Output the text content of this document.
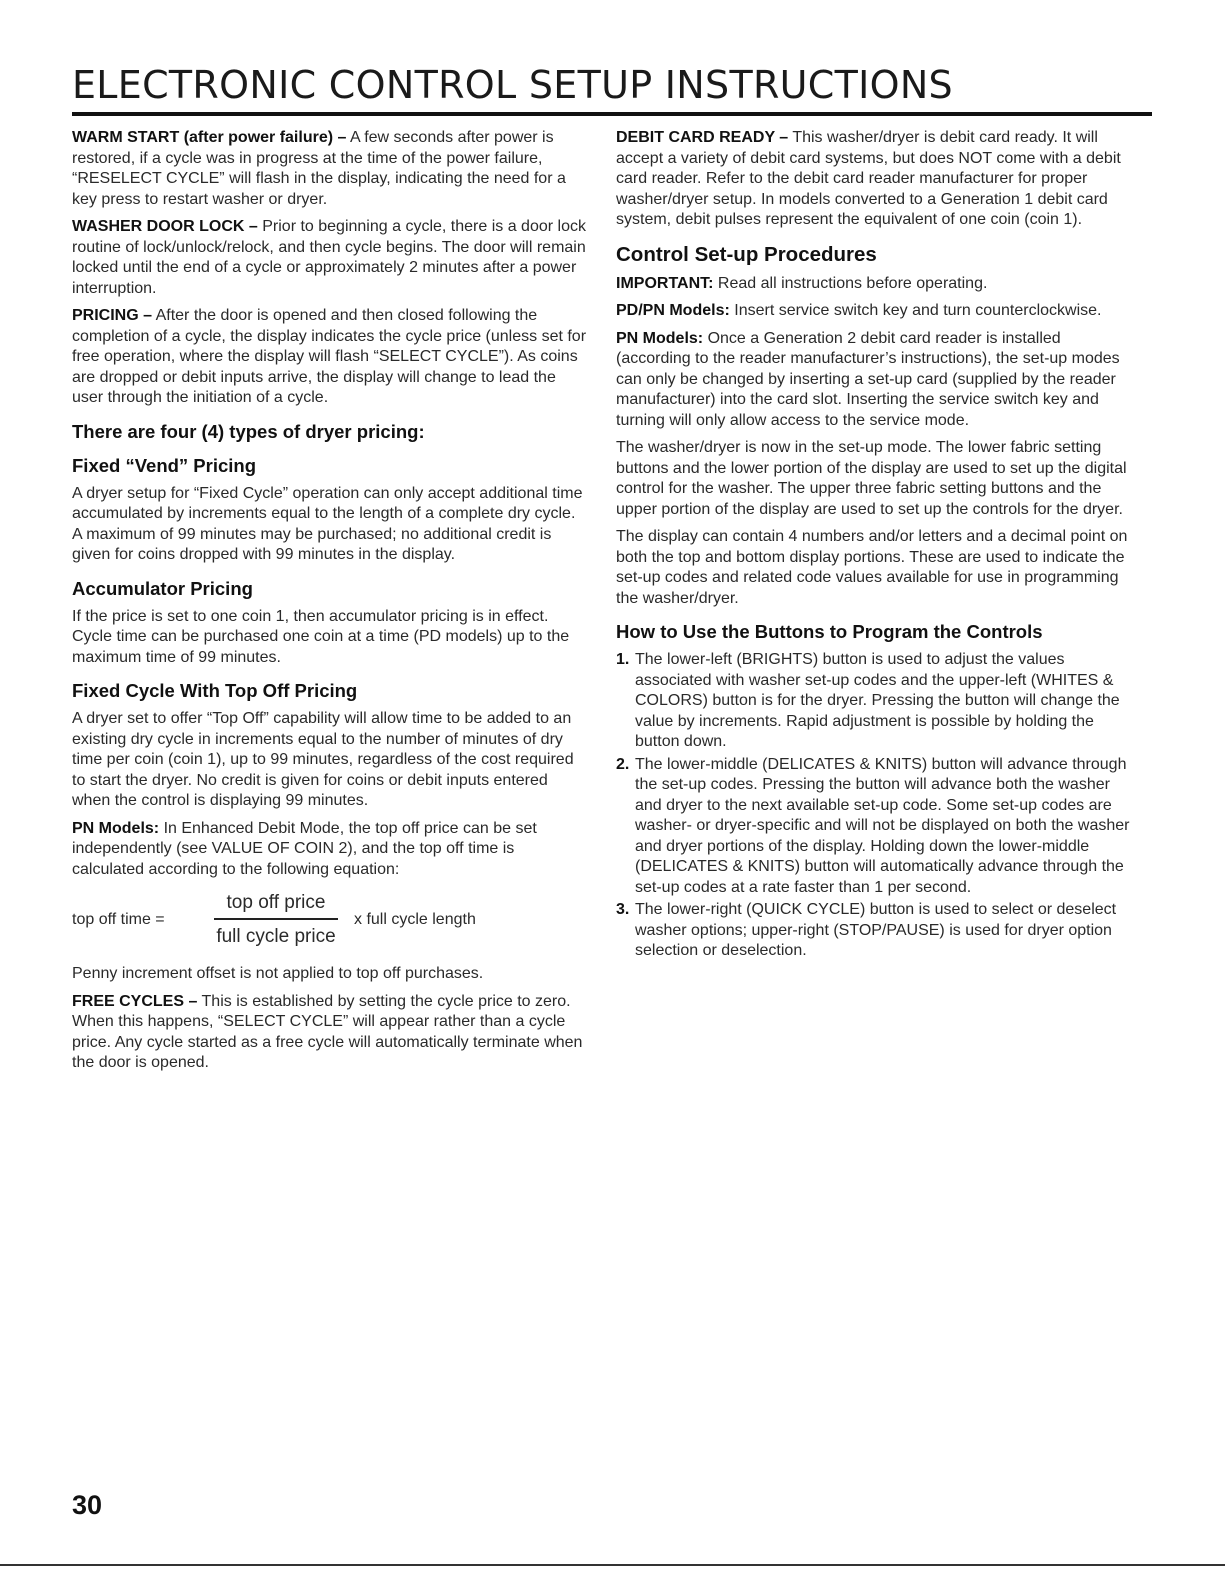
ELECTRONIC CONTROL SETUP INSTRUCTIONS

WARM START (after power failure) – A few seconds after power is restored, if a cycle was in progress at the time of the power failure, “RESELECT CYCLE” will flash in the display, indicating the need for a key press to restart washer or dryer.

WASHER DOOR LOCK – Prior to beginning a cycle, there is a door lock routine of lock/unlock/relock, and then cycle begins. The door will remain locked until the end of a cycle or approximately 2 minutes after a power interruption.

PRICING – After the door is opened and then closed following the completion of a cycle, the display indicates the cycle price (unless set for free operation, where the display will flash “SELECT CYCLE”). As coins are dropped or debit inputs arrive, the display will change to lead the user through the initiation of a cycle.

There are four (4) types of dryer pricing:
Fixed “Vend” Pricing

A dryer setup for “Fixed Cycle” operation can only accept additional time accumulated by increments equal to the length of a complete dry cycle. A maximum of 99 minutes may be purchased; no additional credit is given for coins dropped with 99 minutes in the display.

Accumulator Pricing

If the price is set to one coin 1, then accumulator pricing is in effect. Cycle time can be purchased one coin at a time (PD models) up to the maximum time of 99 minutes.

Fixed Cycle With Top Off Pricing

A dryer set to offer “Top Off” capability will allow time to be added to an existing dry cycle in increments equal to the number of minutes of dry time per coin (coin 1), up to 99 minutes, regardless of the cost required to start the dryer. No credit is given for coins or debit inputs entered when the control is displaying 99 minutes.

PN Models: In Enhanced Debit Mode, the top off price can be set independently (see VALUE OF COIN 2), and the top off time is calculated according to the following equation:

top off time =	$\frac{\text{top off price}}{\text{full cycle price}}$ x full cycle length

Penny increment offset is not applied to top off purchases.

FREE CYCLES – This is established by setting the cycle price to zero. When this happens, “SELECT CYCLE” will appear rather than a cycle price. Any cycle started as a free cycle will automatically terminate when the door is opened.

DEBIT CARD READY – This washer/dryer is debit card ready. It will accept a variety of debit card systems, but does NOT come with a debit card reader. Refer to the debit card reader manufacturer for proper washer/dryer setup. In models converted to a Generation 1 debit card system, debit pulses represent the equivalent of one coin (coin 1).

Control Set-up Procedures

IMPORTANT: Read all instructions before operating.

PD/PN Models: Insert service switch key and turn counterclockwise.

PN Models: Once a Generation 2 debit card reader is installed (according to the reader manufacturer’s instructions), the set-up modes can only be changed by inserting a set-up card (supplied by the reader manufacturer) into the card slot. Inserting the service switch key and turning will only allow access to the service mode.

The washer/dryer is now in the set-up mode. The lower fabric setting buttons and the lower portion of the display are used to set up the digital control for the washer. The upper three fabric setting buttons and the upper portion of the display are used to set up the controls for the dryer.

The display can contain 4 numbers and/or letters and a decimal point on both the top and bottom display portions. These are used to indicate the set-up codes and related code values available for use in programming the washer/dryer.

How to Use the Buttons to Program the Controls
1. The lower-left (BRIGHTS) button is used to adjust the values associated with washer set-up codes and the upper-left (WHITES & COLORS) button is for the dryer. Pressing the button will change the value by increments. Rapid adjustment is possible by holding the button down.
2. The lower-middle (DELICATES & KNITS) button will advance through the set-up codes. Pressing the button will advance both the washer and dryer to the next available set-up code. Some set-up codes are washer- or dryer-specific and will not be displayed on both the washer and dryer portions of the display. Holding down the lower-middle (DELICATES & KNITS) button will automatically advance through the set-up codes at a rate faster than 1 per second.
3. The lower-right (QUICK CYCLE) button is used to select or deselect washer options; upper-right (STOP/PAUSE) is used for dryer option selection or deselection.
30
